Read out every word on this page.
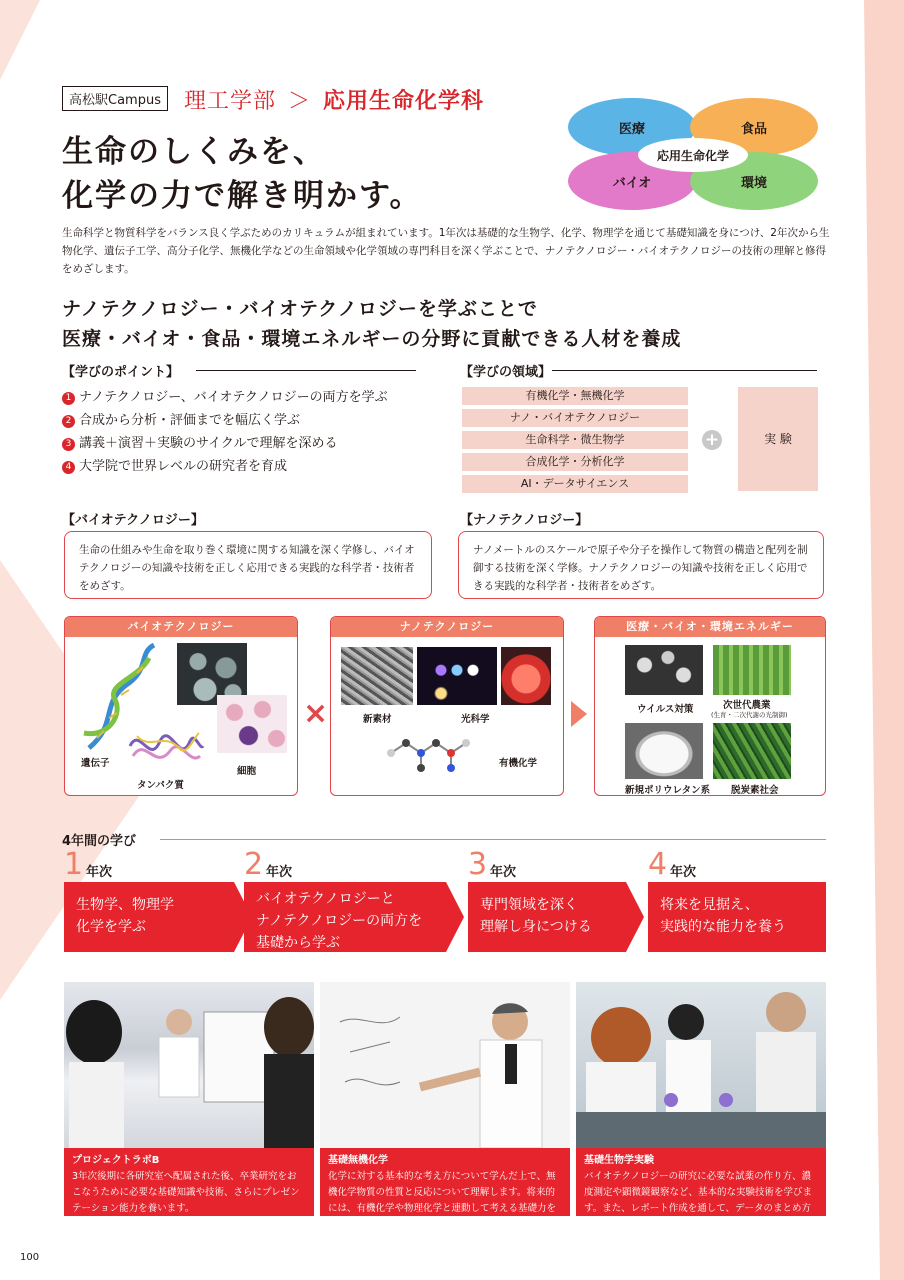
高松駅Campus	理工学部 ＞ 応用生命化学科
生命のしくみを、
化学の力で解き明かす。
医療	食品
バイオ	環境
応用生命化学
生命科学と物質科学をバランス良く学ぶためのカリキュラムが組まれています。1年次は基礎的な生物学、化学、物理学を通じて基礎知識を身につけ、2年次から生物化学、遺伝子工学、高分子化学、無機化学などの生命領域や化学領域の専門科目を深く学ぶことで、ナノテクノロジー・バイオテクノロジーの技術の理解と修得をめざします。
ナノテクノロジー・バイオテクノロジーを学ぶことで
医療・バイオ・食品・環境エネルギーの分野に貢献できる人材を養成
【学びのポイント】
1 ナノテクノロジー、バイオテクノロジーの両方を学ぶ
2 合成から分析・評価までを幅広く学ぶ
3 講義＋演習＋実験のサイクルで理解を深める
4 大学院で世界レベルの研究者を育成
【学びの領域】
有機化学・無機化学
ナノ・バイオテクノロジー
生命科学・微生物学
合成化学・分析化学
AI・データサイエンス
+	実 験
【バイオテクノロジー】
生命の仕組みや生命を取り巻く環境に関する知識を深く学修し、バイオテクノロジーの知識や技術を正しく応用できる実践的な科学者・技術者をめざす。
【ナノテクノロジー】
ナノメートルのスケールで原子や分子を操作して物質の構造と配列を制御する技術を深く学修。ナノテクノロジーの知識や技術を正しく応用できる実践的な科学者・技術者をめざす。
バイオテクノロジー
遺伝子
タンパク質
細胞
×
ナノテクノロジー
新素材	光科学
有機化学
医療・バイオ・環境エネルギー
ウイルス対策	次世代農業
(生育・二次代謝の光制御)
新規ポリウレタン系 脱炭素社会
4年間の学び
1 年次
生物学、物理学
化学を学ぶ
2 年次
バイオテクノロジーと
ナノテクノロジーの両方を
基礎から学ぶ
3 年次
専門領域を深く
理解し身につける
4 年次
将来を見据え、
実践的な能力を養う
プロジェクトラボB
3年次後期に各研究室へ配属された後、卒業研究をおこなうために必要な基礎知識や技術、さらにプレゼンテーション能力を養います。
基礎無機化学
化学に対する基本的な考え方について学んだ上で、無機化学物質の性質と反応について理解します。将来的には、有機化学や物理化学と連動して考える基礎力をつけます。
基礎生物学実験
バイオテクノロジーの研究に必要な試薬の作り方、濃度測定や顕微鏡観察など、基本的な実験技術を学びます。また、レポート作成を通して、データのまとめ方を学びます。
100
